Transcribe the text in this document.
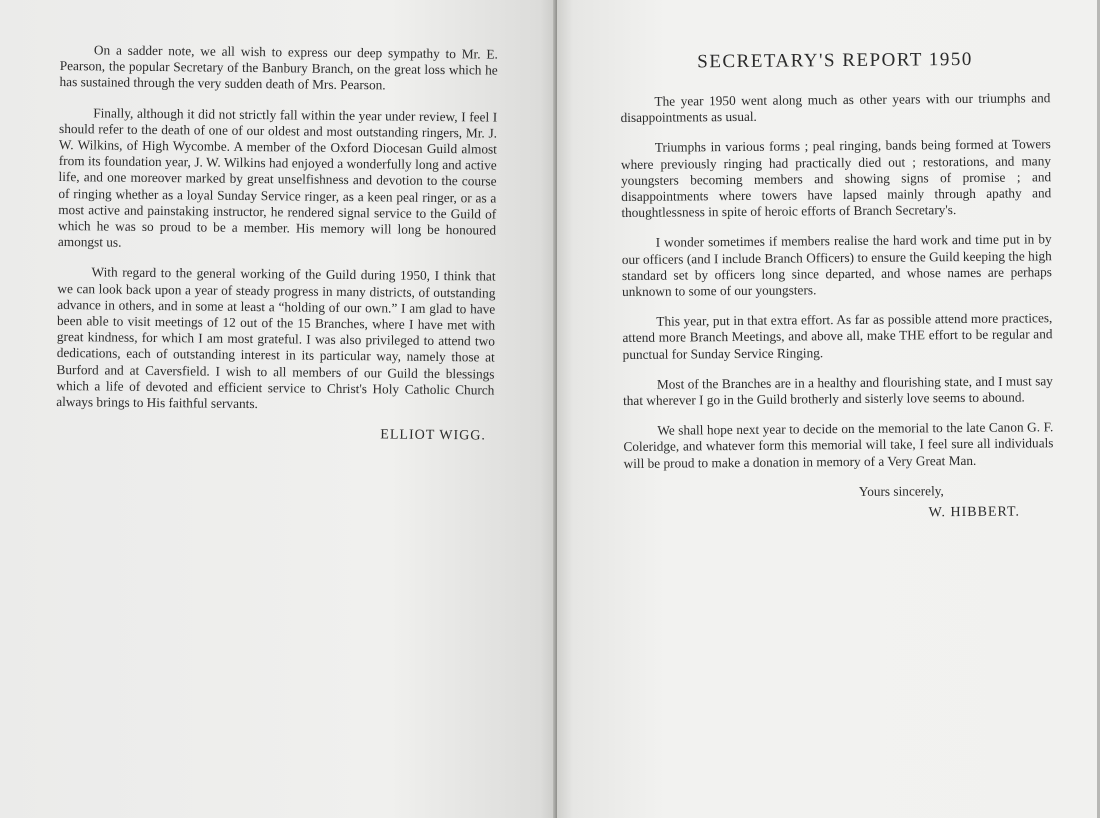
On a sadder note, we all wish to express our deep sympathy to Mr. E. Pearson, the popular Secretary of the Banbury Branch, on the great loss which he has sustained through the very sudden death of Mrs. Pearson.

Finally, although it did not strictly fall within the year under review, I feel I should refer to the death of one of our oldest and most outstanding ringers, Mr. J. W. Wilkins, of High Wycombe. A member of the Oxford Diocesan Guild almost from its foundation year, J. W. Wilkins had enjoyed a wonderfully long and active life, and one moreover marked by great unselfishness and devotion to the course of ringing whether as a loyal Sunday Service ringer, as a keen peal ringer, or as a most active and painstaking instructor, he rendered signal service to the Guild of which he was so proud to be a member. His memory will long be honoured amongst us.

With regard to the general working of the Guild during 1950, I think that we can look back upon a year of steady progress in many districts, of outstanding advance in others, and in some at least a “holding of our own.” I am glad to have been able to visit meetings of 12 out of the 15 Branches, where I have met with great kindness, for which I am most grateful. I was also privileged to attend two dedications, each of outstanding interest in its particular way, namely those at Burford and at Caversfield. I wish to all members of our Guild the blessings which a life of devoted and efficient service to Christ's Holy Catholic Church always brings to His faithful servants.

ELLIOT WIGG.

SECRETARY'S REPORT 1950

The year 1950 went along much as other years with our triumphs and disappointments as usual.

Triumphs in various forms ; peal ringing, bands being formed at Towers where previously ringing had practically died out ; restorations, and many youngsters becoming members and showing signs of promise ; and disappointments where towers have lapsed mainly through apathy and thoughtlessness in spite of heroic efforts of Branch Secretary's.

I wonder sometimes if members realise the hard work and time put in by our officers (and I include Branch Officers) to ensure the Guild keeping the high standard set by officers long since departed, and whose names are perhaps unknown to some of our youngsters.

This year, put in that extra effort. As far as possible attend more practices, attend more Branch Meetings, and above all, make THE effort to be regular and punctual for Sunday Service Ringing.

Most of the Branches are in a healthy and flourishing state, and I must say that wherever I go in the Guild brotherly and sisterly love seems to abound.

We shall hope next year to decide on the memorial to the late Canon G. F. Coleridge, and whatever form this memorial will take, I feel sure all individuals will be proud to make a donation in memory of a Very Great Man.

Yours sincerely,

W. HIBBERT.
